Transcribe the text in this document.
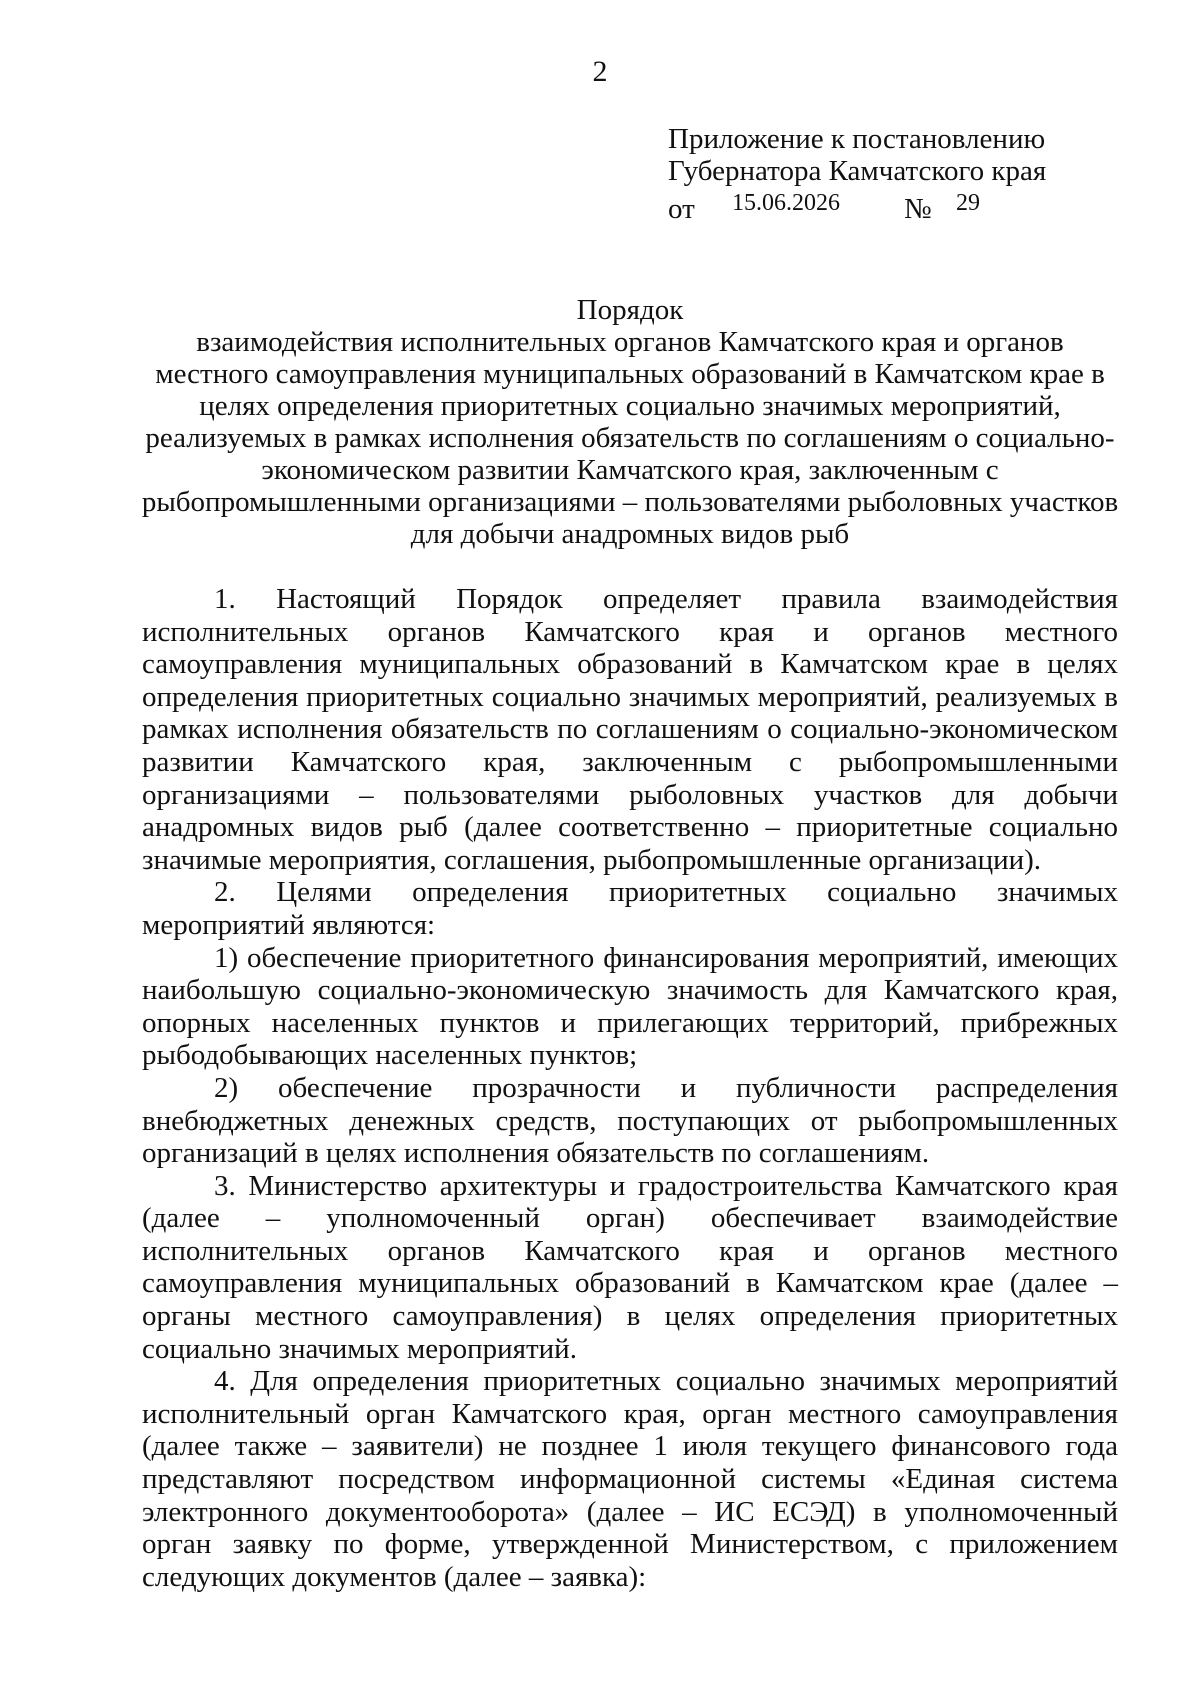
2
Приложение к постановлению
Губернатора Камчатского края
от 15.06.2026 № 29
Порядок
взаимодействия исполнительных органов Камчатского края и органов местного самоуправления муниципальных образований в Камчатском крае в целях определения приоритетных социально значимых мероприятий, реализуемых в рамках исполнения обязательств по соглашениям о социально-экономическом развитии Камчатского края, заключенным с рыбопромышленными организациями – пользователями рыболовных участков для добычи анадромных видов рыб

1. Настоящий Порядок определяет правила взаимодействия исполнительных органов Камчатского края и органов местного самоуправления муниципальных образований в Камчатском крае в целях определения приоритетных социально значимых мероприятий, реализуемых в рамках исполнения обязательств по соглашениям о социально-экономическом развитии Камчатского края, заключенным с рыбопромышленными организациями – пользователями рыболовных участков для добычи анадромных видов рыб (далее соответственно – приоритетные социально значимые мероприятия, соглашения, рыбопромышленные организации).

2. Целями определения приоритетных социально значимых мероприятий являются:

1) обеспечение приоритетного финансирования мероприятий, имеющих наибольшую социально-экономическую значимость для Камчатского края, опорных населенных пунктов и прилегающих территорий, прибрежных рыбодобывающих населенных пунктов;

2) обеспечение прозрачности и публичности распределения внебюджетных денежных средств, поступающих от рыбопромышленных организаций в целях исполнения обязательств по соглашениям.

3. Министерство архитектуры и градостроительства Камчатского края (далее – уполномоченный орган) обеспечивает взаимодействие исполнительных органов Камчатского края и органов местного самоуправления муниципальных образований в Камчатском крае (далее – органы местного самоуправления) в целях определения приоритетных социально значимых мероприятий.

4. Для определения приоритетных социально значимых мероприятий исполнительный орган Камчатского края, орган местного самоуправления (далее также – заявители) не позднее 1 июля текущего финансового года представляют посредством информационной системы «Единая система электронного документооборота» (далее – ИС ЕСЭД) в уполномоченный орган заявку по форме, утвержденной Министерством, с приложением следующих документов (далее – заявка):
